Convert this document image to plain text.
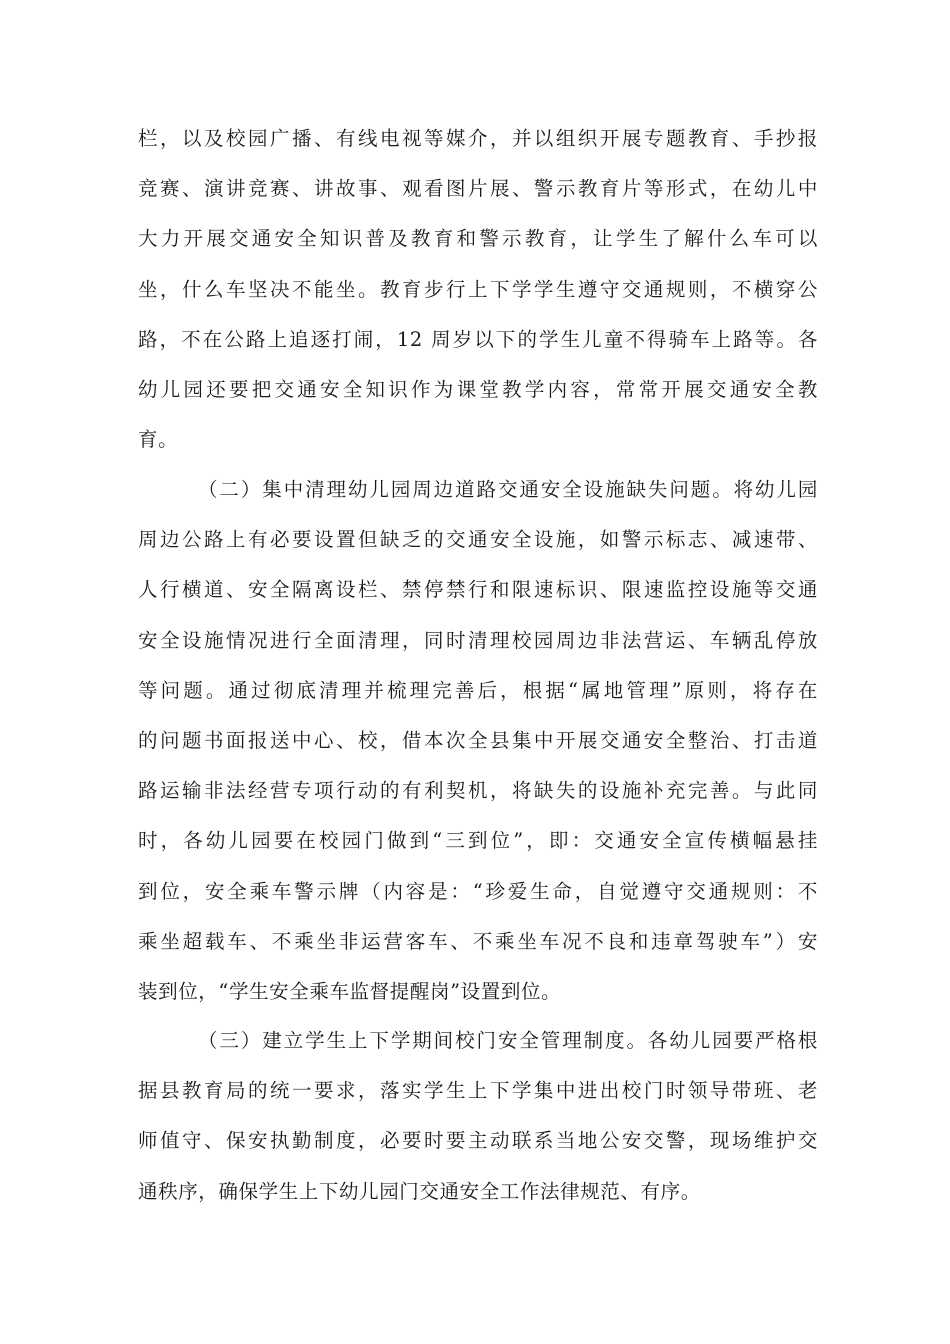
栏，以及校园广播、有线电视等媒介，并以组织开展专题教育、手抄报
竞赛、演讲竞赛、讲故事、观看图片展、警示教育片等形式，在幼儿中
大力开展交通安全知识普及教育和警示教育，让学生了解什么车可以
坐，什么车坚决不能坐。教育步行上下学学生遵守交通规则，不横穿公
路，不在公路上追逐打闹，12 周岁以下的学生儿童不得骑车上路等。各
幼儿园还要把交通安全知识作为课堂教学内容，常常开展交通安全教
育。
（二）集中清理幼儿园周边道路交通安全设施缺失问题。将幼儿园
周边公路上有必要设置但缺乏的交通安全设施，如警示标志、减速带、
人行横道、安全隔离设栏、禁停禁行和限速标识、限速监控设施等交通
安全设施情况进行全面清理，同时清理校园周边非法营运、车辆乱停放
等问题。通过彻底清理并梳理完善后，根据“属地管理”原则，将存在
的问题书面报送中心、校，借本次全县集中开展交通安全整治、打击道
路运输非法经营专项行动的有利契机，将缺失的设施补充完善。与此同
时，各幼儿园要在校园门做到“三到位”，即：交通安全宣传横幅悬挂
到位，安全乘车警示牌（内容是：“珍爱生命，自觉遵守交通规则：不
乘坐超载车、不乘坐非运营客车、不乘坐车况不良和违章驾驶车”）安
装到位，“学生安全乘车监督提醒岗”设置到位。
（三）建立学生上下学期间校门安全管理制度。各幼儿园要严格根
据县教育局的统一要求，落实学生上下学集中进出校门时领导带班、老
师值守、保安执勤制度，必要时要主动联系当地公安交警，现场维护交
通秩序，确保学生上下幼儿园门交通安全工作法律规范、有序。
